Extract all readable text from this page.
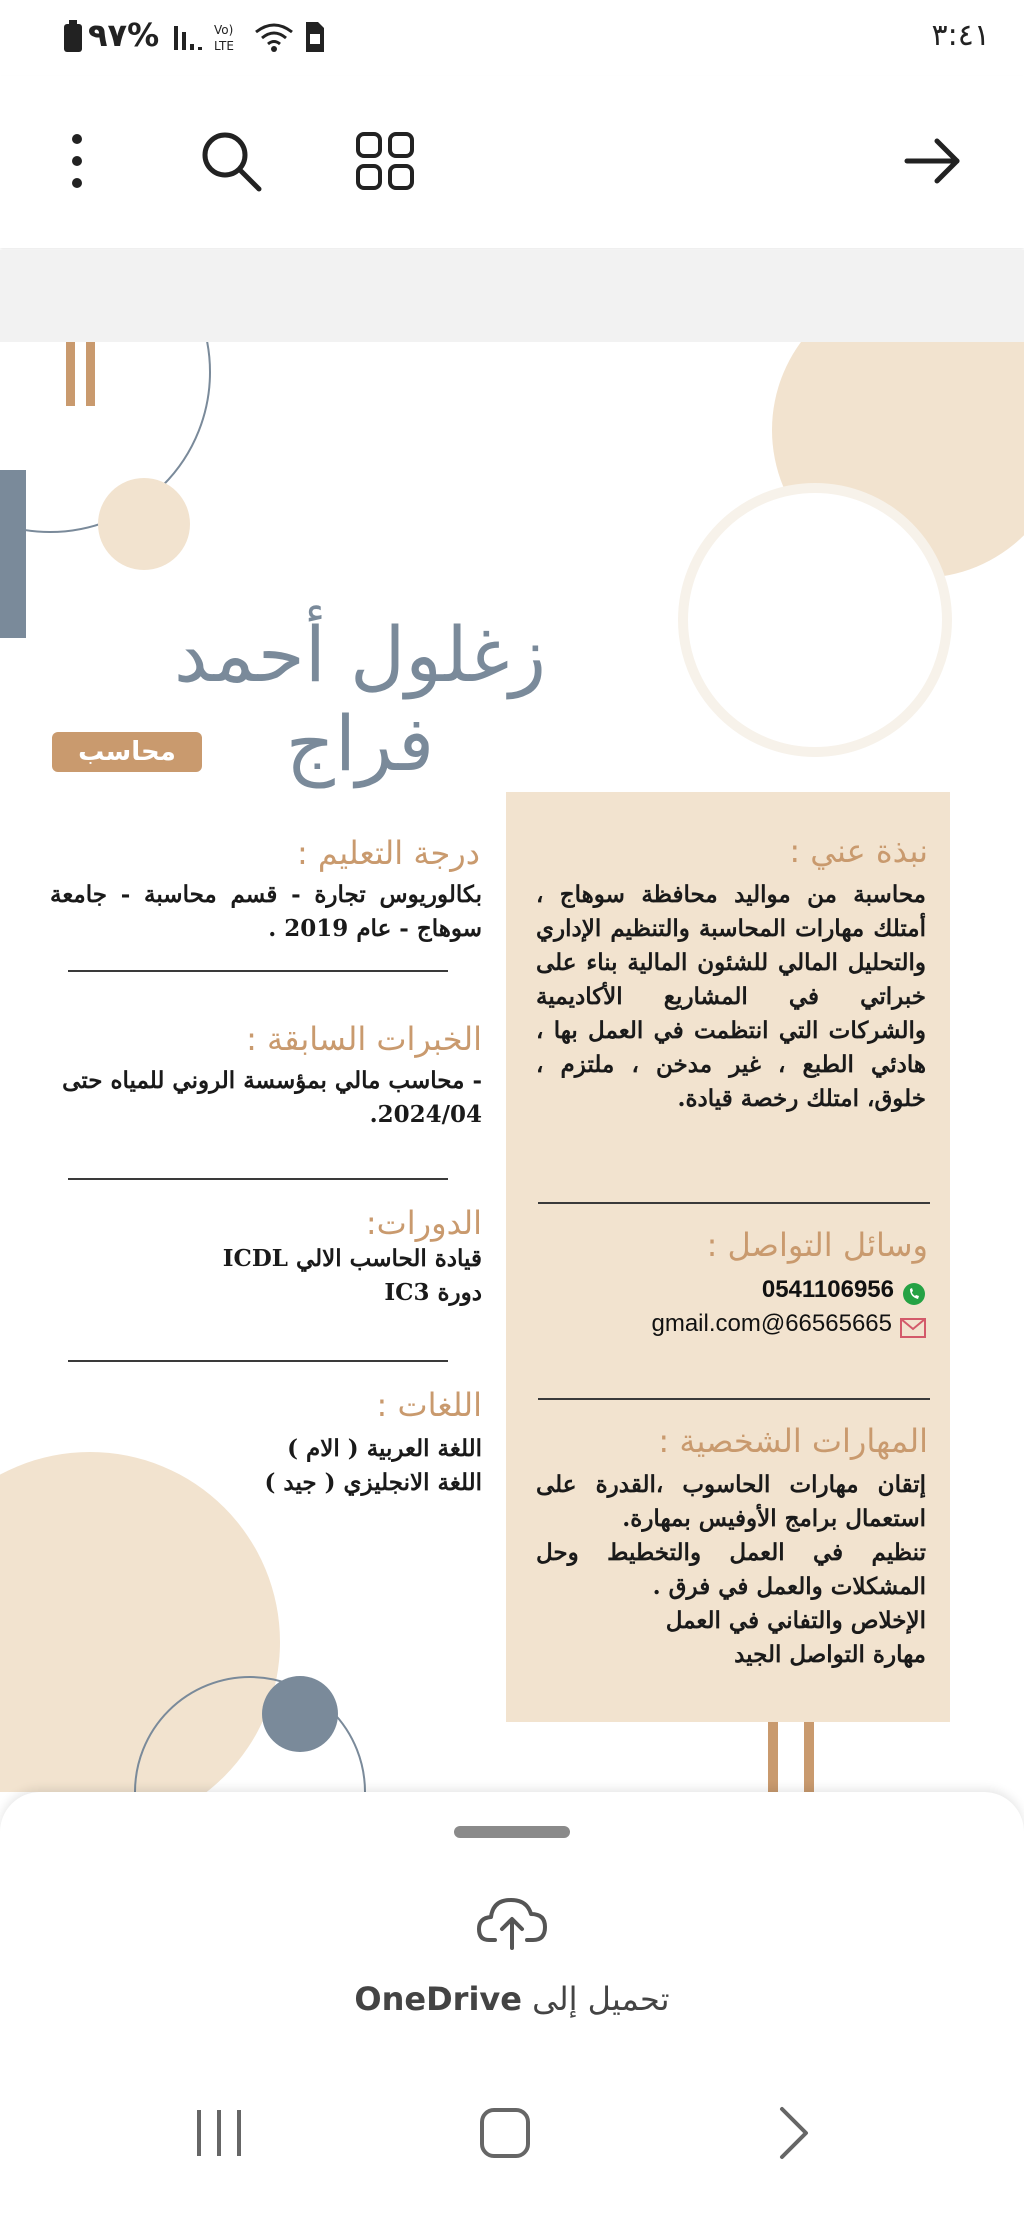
%٩٧	Vo)
LTE	٣:٤١
زغلول أحمد فراج
محاسب
نبذة عني :
محاسبة من مواليد محافظة سوهاج ، أمتلك مهارات المحاسبة والتنظيم الإداري والتحليل المالي للشئون المالية بناء على خبراتي في المشاريع الأكاديمية والشركات التي انتظمت في العمل بها ، هادئي الطبع ، غير مدخن ، ملتزم ، خلوق، امتلك رخصة قيادة.
وسائل التواصل :
0541106956
gmail.com@66565665
المهارات الشخصية :
إتقان مهارات الحاسوب ،القدرة على استعمال برامج الأوفيس بمهارة.
تنظيم في العمل والتخطيط وحل المشكلات والعمل في فرق .
الإخلاص والتفاني في العمل
مهارة التواصل الجيد
درجة التعليم :
بكالوريوس تجارة - قسم محاسبة - جامعة سوهاج - عام 2019 .
الخبرات السابقة :
- محاسب مالي بمؤسسة الروني للمياه حتى 2024/04.
الدورات:
قيادة الحاسب الالي ICDL
دورة IC3
اللغات :
اللغة العربية ( الام )
اللغة الانجليزي ( جيد )
تحميل إلى OneDrive
